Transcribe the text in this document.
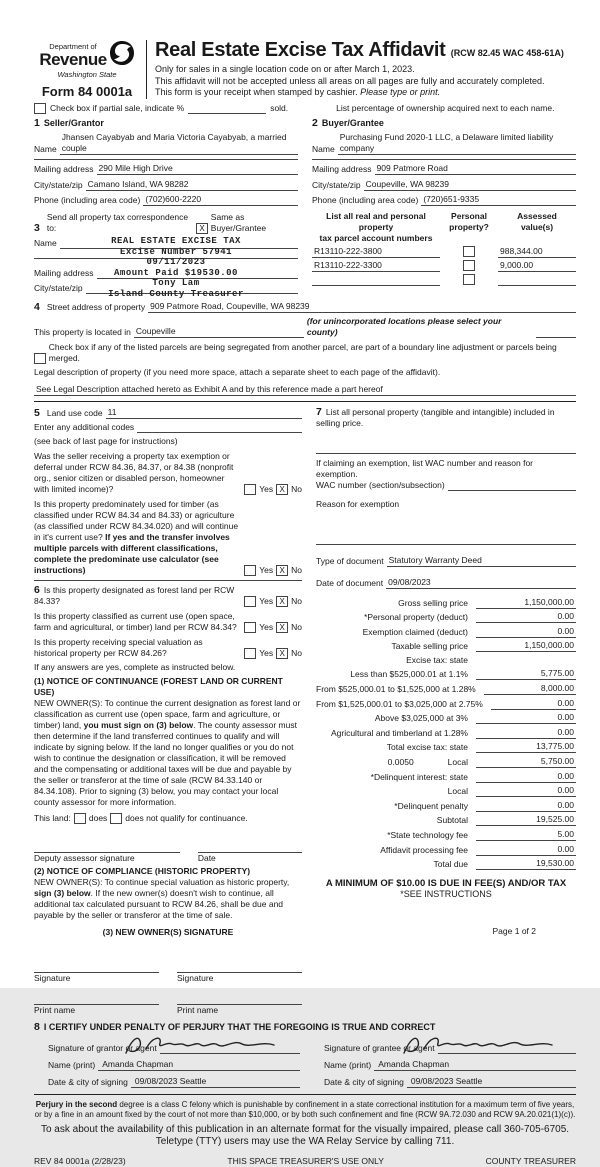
Department of
Revenue
Washington State
Form 84 0001a
Real Estate Excise Tax Affidavit (RCW 82.45 WAC 458-61A)

Only for sales in a single location code on or after March 1, 2023.

This affidavit will not be accepted unless all areas on all pages are fully and accurately completed.

This form is your receipt when stamped by cashier. Please type or print.

Check box if partial sale, indicate %	sold.	List percentage of ownership acquired next to each name.
1 Seller/Grantor
Name
Jhansen Cayabyab and Maria Victoria Cayabyab, a married couple
Mailing address 290 Mile High Drive
City/state/zip Camano Island, WA 98282
Phone (including area code) (702)600-2220
3
Send all property tax correspondence to:	X
Same as Buyer/Grantee
Name
Mailing address
City/state/zip
REAL ESTATE EXCISE TAX
Excise Number 57941
09/11/2023
Amount Paid $19530.00
Tony Lam
Island County Treasurer
2 Buyer/Grantee
Name
Purchasing Fund 2020-1 LLC, a Delaware limited liability company
Mailing address 909 Patmore Road
City/state/zip Coupeville, WA 98239
Phone (including area code) (720)651-9335
List all real and personal property
tax parcel account numbers
Personal
property?
Assessed
value(s)
R13110-222-3800	988,344.00
R13110-222-3300	9,000.00
4 Street address of property 909 Patmore Road, Coupeville, WA 98239
This property is located in Coupeville
(for unincorporated locations please select your county)
Check box if any of the listed parcels are being segregated from another parcel, are part of a boundary line adjustment or parcels being merged.
Legal description of property (if you need more space, attach a separate sheet to each page of the affidavit).
See Legal Description attached hereto as Exhibit A and by this reference made a part hereof
5 Land use code 11
Enter any additional codes
(see back of last page for instructions)
Was the seller receiving a property tax exemption or deferral under RCW 84.36, 84.37, or 84.38 (nonprofit org., senior citizen or disabled person, homeowner with limited income)?	Yes X No
Is this property predominately used for timber (as classified under RCW 84.34 and 84.33) or agriculture (as classified under RCW 84.34.020) and will continue in it's current use? If yes and the transfer involves multiple parcels with different classifications, complete the predominate use calculator (see instructions)	Yes X No
6 Is this property designated as forest land per RCW 84.33?	Yes X No
Is this property classified as current use (open space, farm and agricultural, or timber) land per RCW 84.34?	Yes X No
Is this property receiving special valuation as historical property per RCW 84.26?	Yes X No
If any answers are yes, complete as instructed below.
(1) NOTICE OF CONTINUANCE (FOREST LAND OR CURRENT USE)
NEW OWNER(S): To continue the current designation as forest land or classification as current use (open space, farm and agriculture, or timber) land, you must sign on (3) below. The county assessor must then determine if the land transferred continues to qualify and will indicate by signing below. If the land no longer qualifies or you do not wish to continue the designation or classification, it will be removed and the compensating or additional taxes will be due and payable by the seller or transferor at the time of sale (RCW 84.33.140 or 84.34.108). Prior to signing (3) below, you may contact your local county assessor for more information.
This land: does does not qualify for continuance.
Deputy assessor signature	Date
(2) NOTICE OF COMPLIANCE (HISTORIC PROPERTY)
NEW OWNER(S): To continue special valuation as historic property, sign (3) below. If the new owner(s) doesn't wish to continue, all additional tax calculated pursuant to RCW 84.26, shall be due and payable by the seller or transferor at the time of sale.
(3) NEW OWNER(S) SIGNATURE
Signature	Signature
Print name	Print name
7 List all personal property (tangible and intangible) included in selling price.
If claiming an exemption, list WAC number and reason for exemption.
WAC number (section/subsection)
Reason for exemption
Type of document Statutory Warranty Deed
Date of document 09/08/2023
Gross selling price	1,150,000.00
*Personal property (deduct)	0.00
Exemption claimed (deduct)	0.00
Taxable selling price	1,150,000.00
Excise tax: state
Less than $525,000.01 at 1.1%	5,775.00
From $525,000.01 to $1,525,000 at 1.28%	8,000.00
From $1,525,000.01 to $3,025,000 at 2.75%	0.00
Above $3,025,000 at 3%	0.00
Agricultural and timberland at 1.28%	0.00
Total excise tax: state	13,775.00
0.0050	Local	5,750.00
*Delinquent interest: state	0.00
Local	0.00
*Delinquent penalty	0.00
Subtotal	19,525.00
*State technology fee	5.00
Affidavit processing fee	0.00
Total due	19,530.00
A MINIMUM OF $10.00 IS DUE IN FEE(S) AND/OR TAX
*SEE INSTRUCTIONS
8 I CERTIFY UNDER PENALTY OF PERJURY THAT THE FOREGOING IS TRUE AND CORRECT
Signature of grantor or agent
Name (print) Amanda Chapman
Date & city of signing 09/08/2023 Seattle
Signature of grantee or agent
Name (print) Amanda Chapman
Date & city of signing 09/08/2023 Seattle

Perjury in the second degree is a class C felony which is punishable by confinement in a state correctional institution for a maximum term of five years, or by a fine in an amount fixed by the court of not more than $10,000, or by both such confinement and fine (RCW 9A.72.030 and RCW 9A.20.021(1)(c)).

To ask about the availability of this publication in an alternate format for the visually impaired, please call 360-705-6705. Teletype (TTY) users may use the WA Relay Service by calling 711.

REV 84 0001a (2/28/23)	THIS SPACE TREASURER'S USE ONLY	COUNTY TREASURER
Page 1 of 2
